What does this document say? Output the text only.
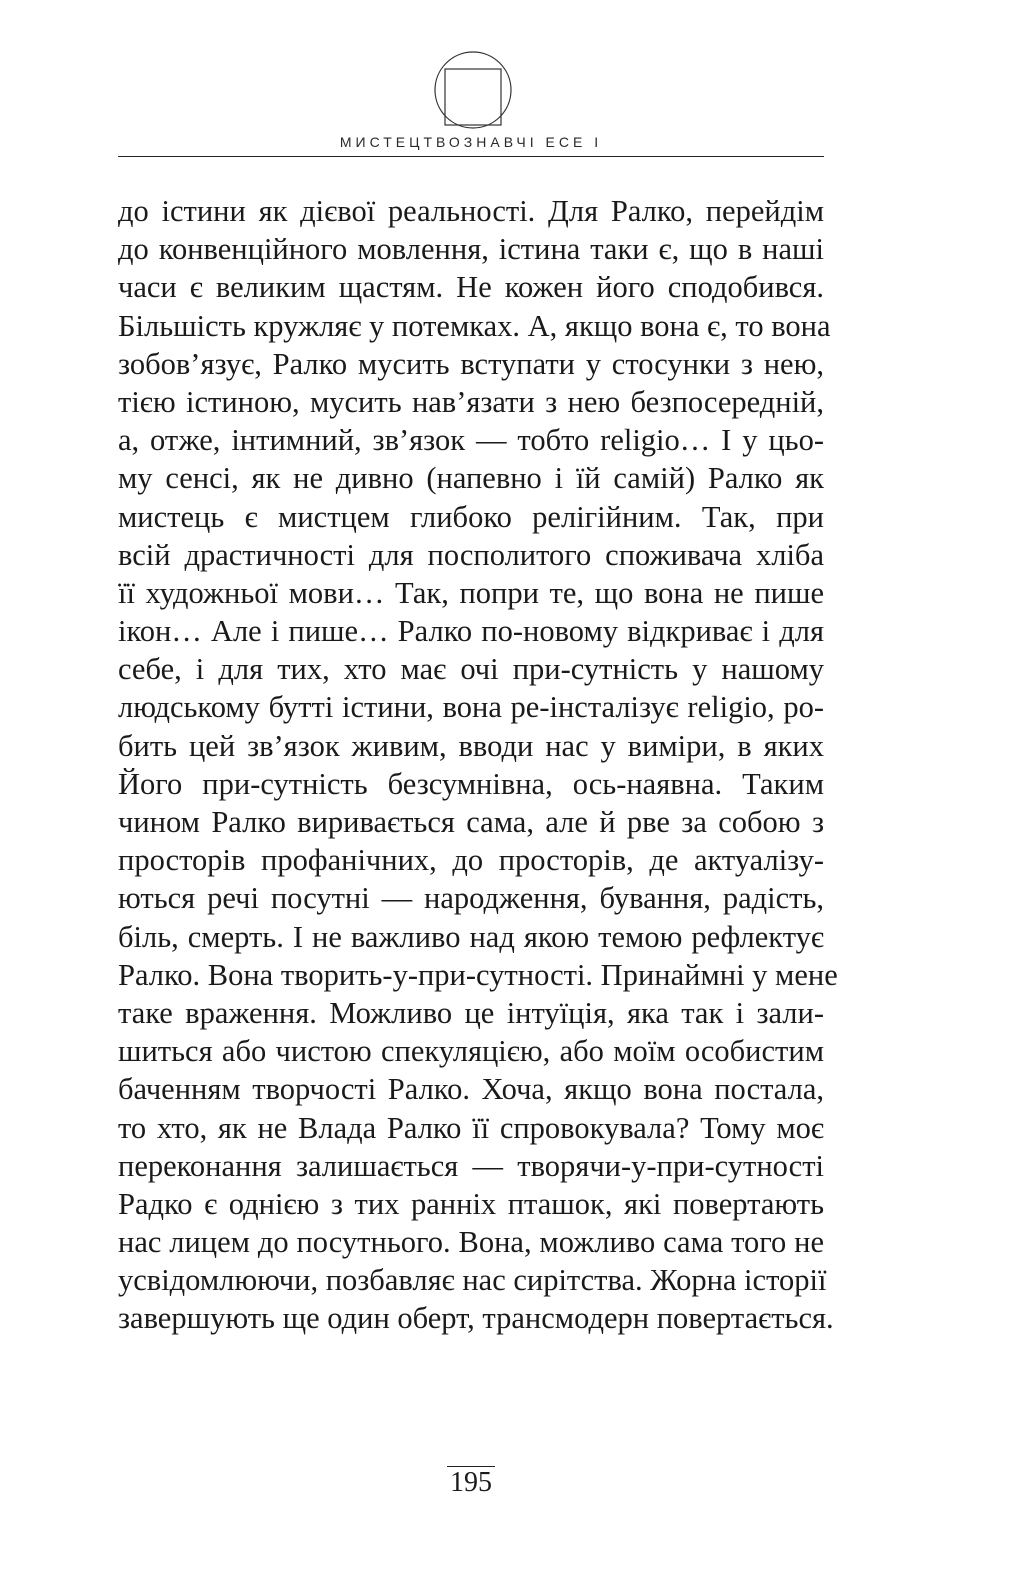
МИСТЕЦТВОЗНАВЧІ ЕСЕ І
до істини як дієвої реальності. Для Ралко, перейдім
до конвенційного мовлення, істина таки є, що в наші
часи є великим щастям. Не кожен його сподобився.
Більшість кружляє у потемках. А, якщо вона є, то вона
зобов’язує, Ралко мусить вступати у стосунки з нею,
тією істиною, мусить нав’язати з нею безпосередній,
а, отже, інтимний, зв’язок — тобто religio… І у цьо-
му сенсі, як не дивно (напевно і їй самій) Ралко як
мистець є мистцем глибоко релігійним. Так, при
всій драстичності для посполитого споживача хліба
її художньої мови… Так, попри те, що вона не пише
ікон… Але і пише… Ралко по-новому відкриває і для
себе, і для тих, хто має очі при-сутність у нашому
людському бутті істини, вона ре-інсталізує religio, ро-
бить цей зв’язок живим, вводи нас у виміри, в яких
Його при-сутність безсумнівна, ось-наявна. Таким
чином Ралко виривається сама, але й рве за собою з
просторів профанічних, до просторів, де актуалізу-
ються речі посутні — народження, бування, радість,
біль, смерть. І не важливо над якою темою рефлектує
Ралко. Вона творить-у-при-сутності. Принаймні у мене
таке враження. Можливо це інтуїція, яка так і зали-
шиться або чистою спекуляцією, або моїм особистим
баченням творчості Ралко. Хоча, якщо вона постала,
то хто, як не Влада Ралко її спровокувала? Тому моє
переконання залишається — творячи-у-при-сутності
Радко є однією з тих ранніх пташок, які повертають
нас лицем до посутнього. Вона, можливо сама того не
усвідомлюючи, позбавляє нас сирітства. Жорна історії
завершують ще один оберт, трансмодерн повертається.
195
